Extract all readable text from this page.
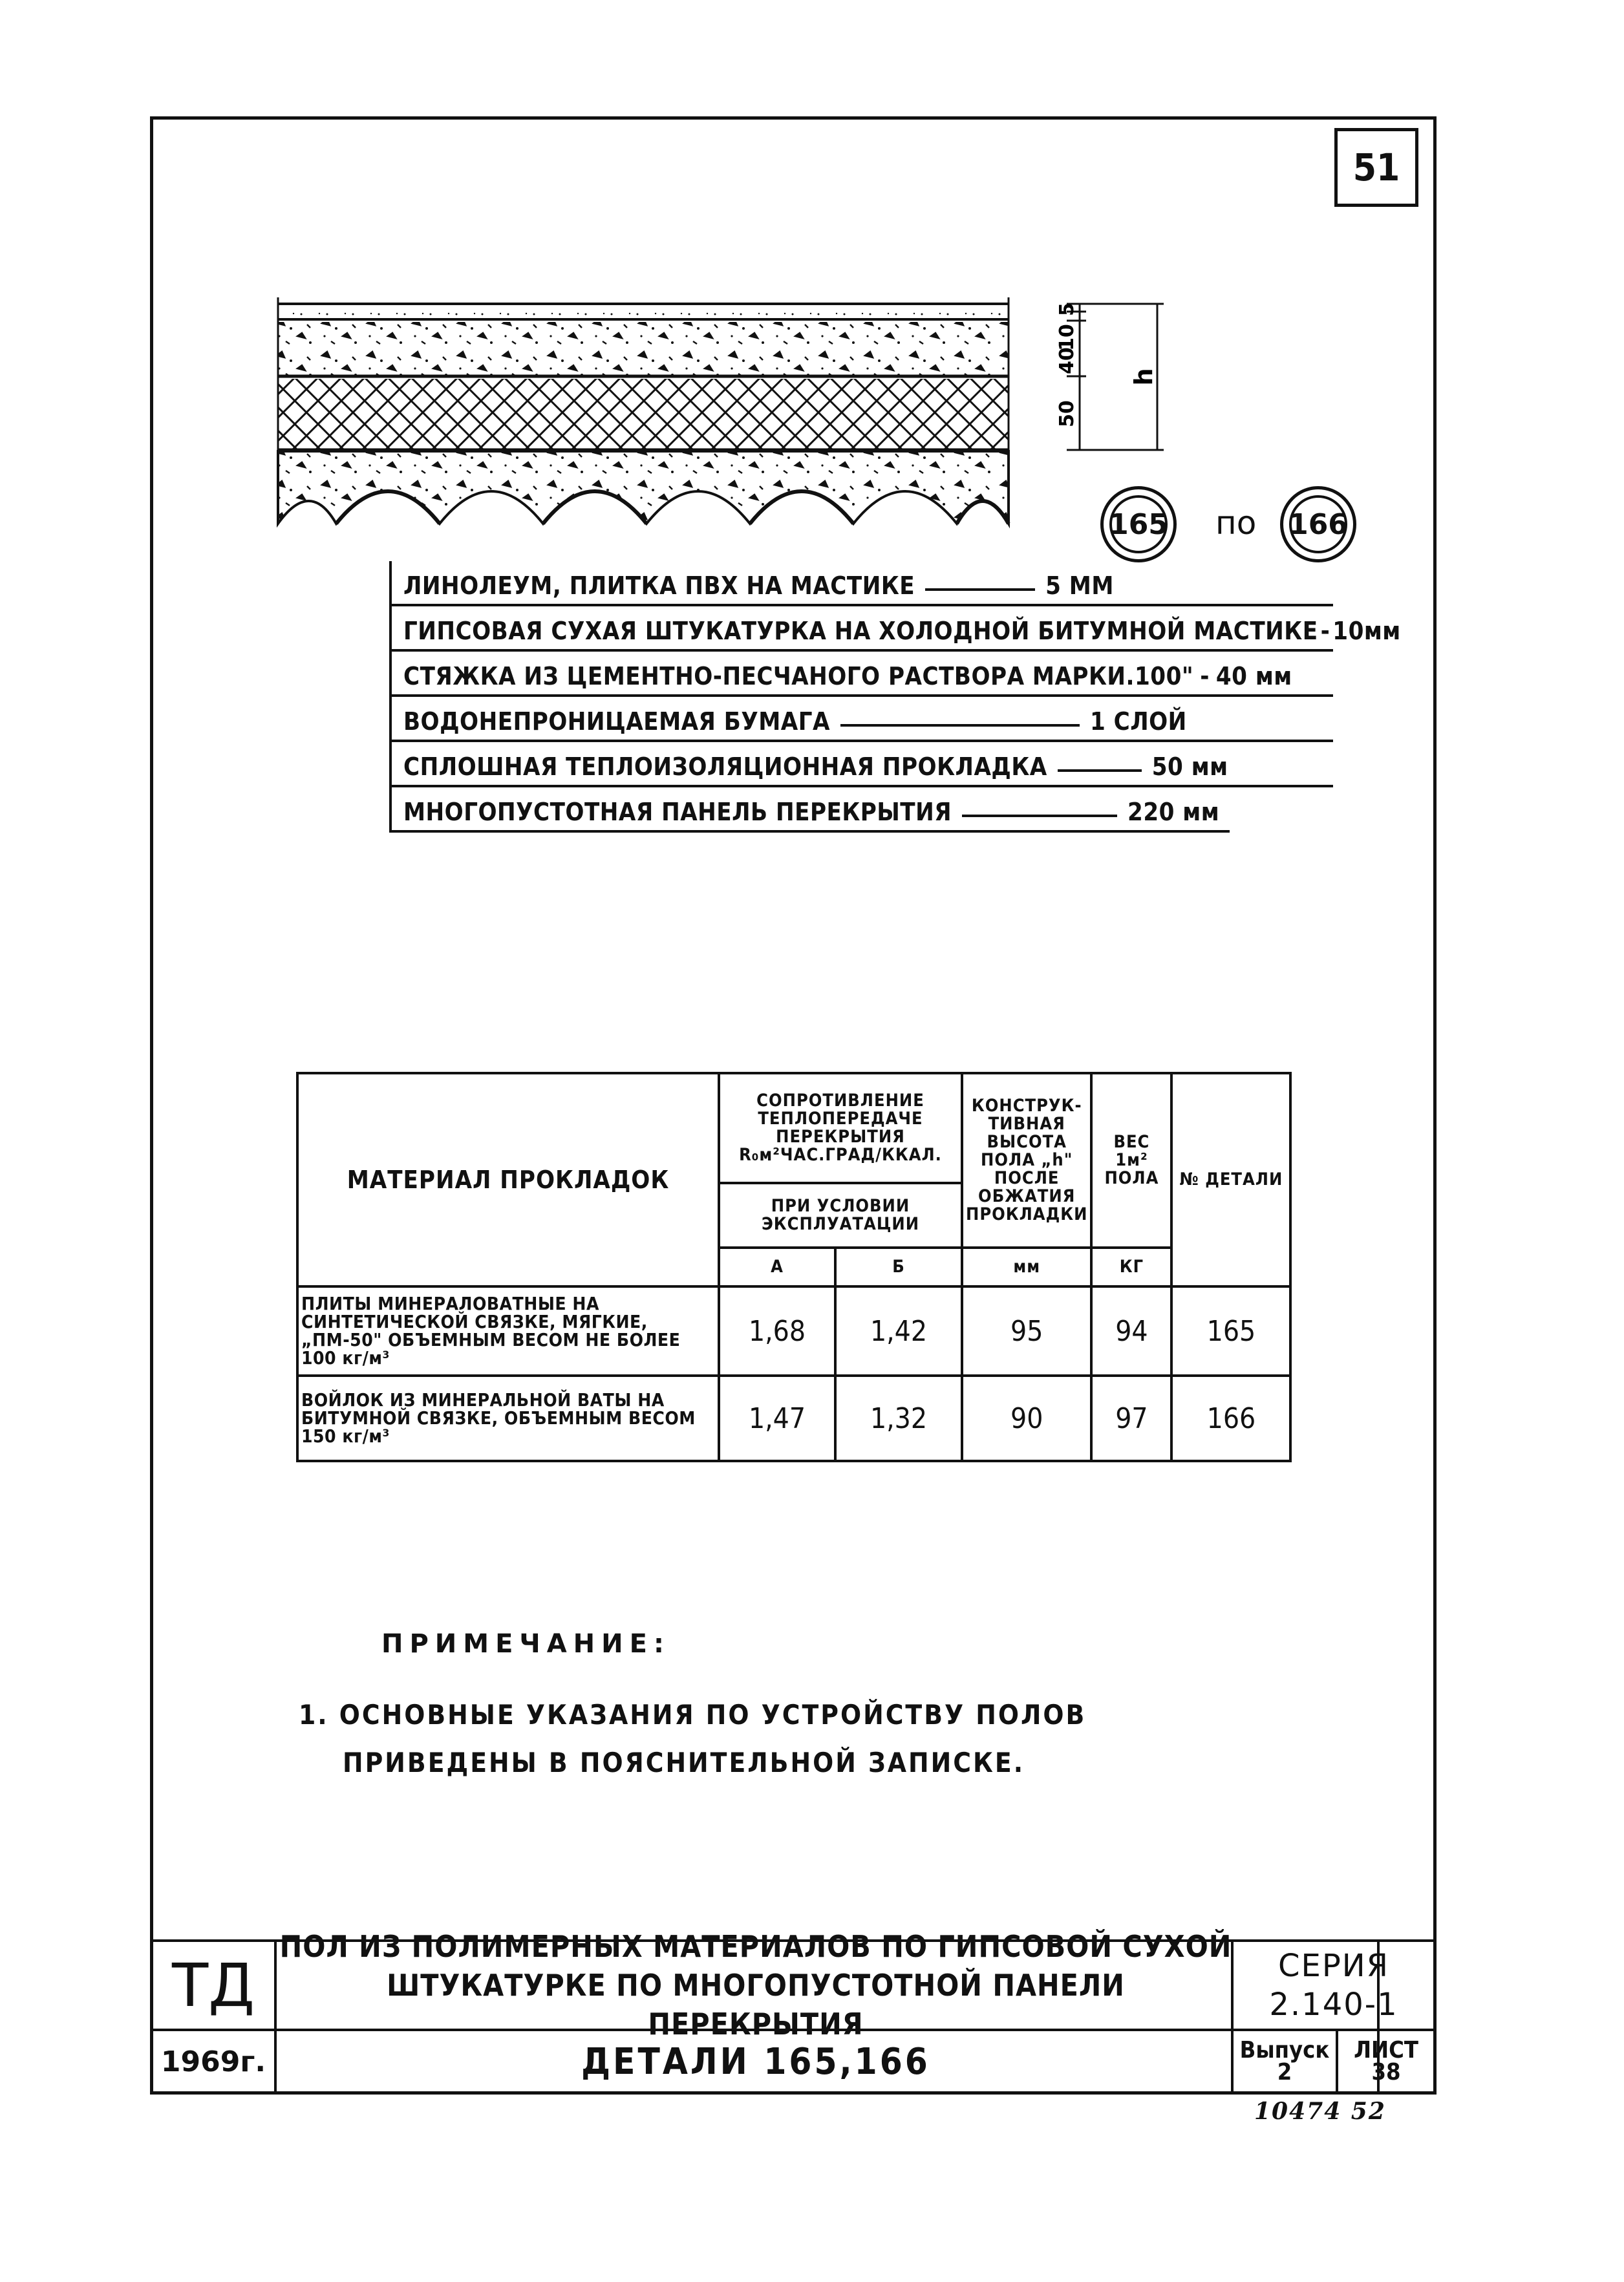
51
5
10
40
50
h
165 по 166
ЛИНОЛЕУМ, ПЛИТКА ПВХ НА МАСТИКЕ	5 ММ
ГИПСОВАЯ СУХАЯ ШТУКАТУРКА НА ХОЛОДНОЙ БИТУМНОЙ МАСТИКЕ - 10мм
СТЯЖКА ИЗ ЦЕМЕНТНО-ПЕСЧАНОГО РАСТВОРА МАРКИ.100" - 40 мм
ВОДОНЕПРОНИЦАЕМАЯ БУМАГА	1 СЛОЙ
СПЛОШНАЯ ТЕПЛОИЗОЛЯЦИОННАЯ ПРОКЛАДКА	50 мм
МНОГОПУСТОТНАЯ ПАНЕЛЬ ПЕРЕКРЫТИЯ	220 мм
МАТЕРИАЛ ПРОКЛАДОК	СОПРОТИВЛЕНИЕ ТЕПЛОПЕРЕДАЧЕ ПЕРЕКРЫТИЯ R₀м²ЧАС.ГРАД/ККАЛ.		КОНСТРУК-ТИВНАЯ ВЫСОТА ПОЛА „h" ПОСЛЕ ОБЖАТИЯ ПРОКЛАДКИ	ВЕС 1м² ПОЛА	№ ДЕТАЛИ
	ПРИ УСЛОВИИ ЭКСПЛУАТАЦИИ				
	А	Б	мм	КГ	
ПЛИТЫ МИНЕРАЛОВАТНЫЕ НА СИНТЕТИЧЕСКОЙ СВЯЗКЕ, МЯГКИЕ, „ПМ-50" ОБЪЕМНЫМ ВЕСОМ НЕ БОЛЕЕ 100 кг/м³	1,68	1,42	95	94	165
ВОЙЛОК ИЗ МИНЕРАЛЬНОЙ ВАТЫ НА БИТУМНОЙ СВЯЗКЕ, ОБЪЕМНЫМ ВЕСОМ 150 кг/м³	1,47	1,32	90	97	166
ПРИМЕЧАНИЕ:
1. ОСНОВНЫЕ УКАЗАНИЯ ПО УСТРОЙСТВУ ПОЛОВ
ПРИВЕДЕНЫ В ПОЯСНИТЕЛЬНОЙ ЗАПИСКЕ.
ТД
1969г.
ПОЛ ИЗ ПОЛИМЕРНЫХ МАТЕРИАЛОВ ПО ГИПСОВОЙ СУХОЙ
ШТУКАТУРКЕ ПО МНОГОПУСТОТНОЙ ПАНЕЛИ ПЕРЕКРЫТИЯ
ДЕТАЛИ 165,166
СЕРИЯ
2.140-1
Выпуск
2
ЛИСТ
38
10474 52
